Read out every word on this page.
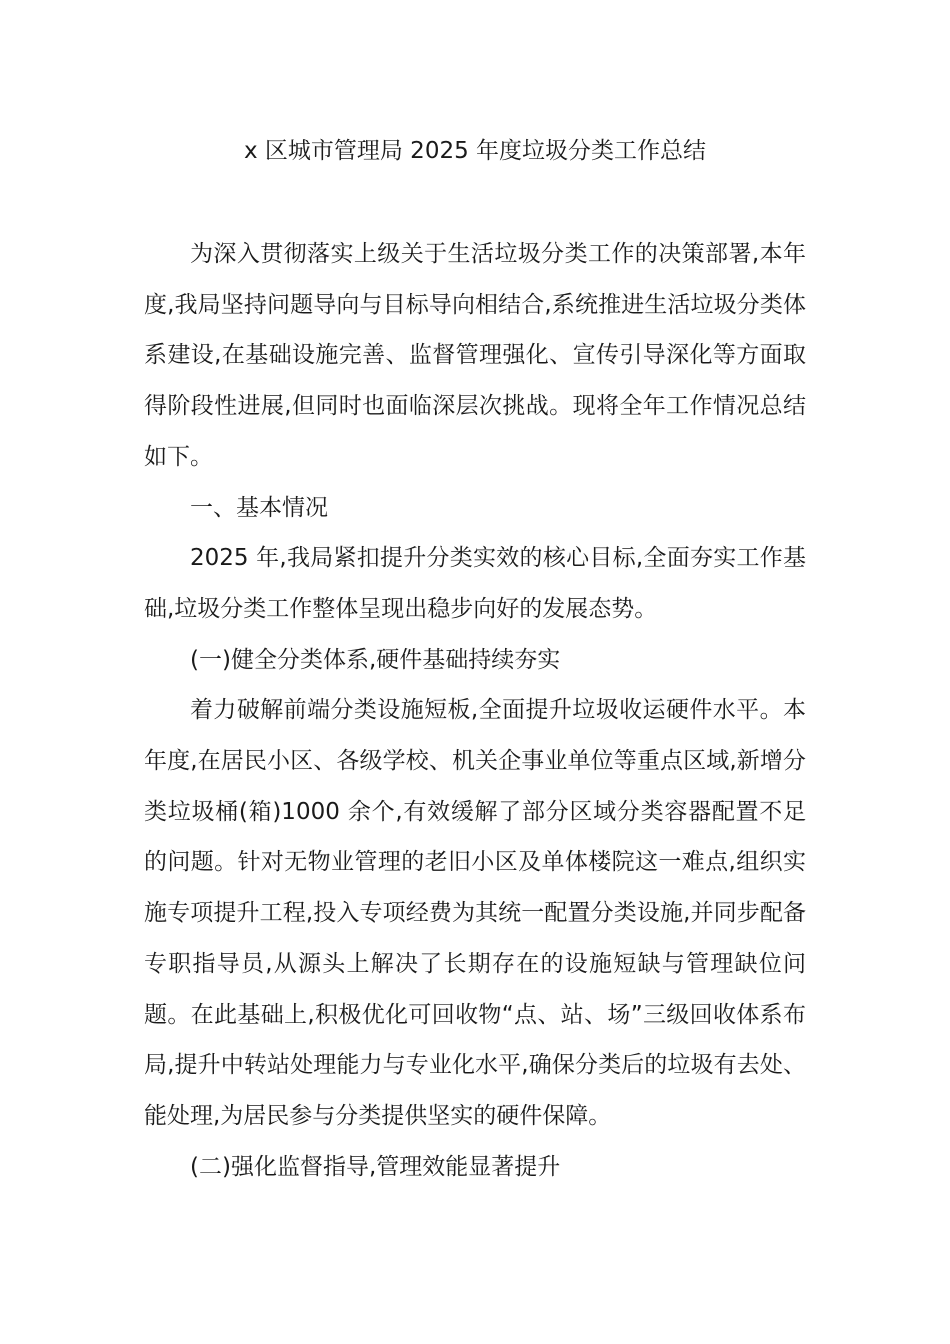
x 区城市管理局 2025 年度垃圾分类工作总结

为深入贯彻落实上级关于生活垃圾分类工作的决策部署,本年度,我局坚持问题导向与目标导向相结合,系统推进生活垃圾分类体系建设,在基础设施完善、监督管理强化、宣传引导深化等方面取得阶段性进展,但同时也面临深层次挑战。现将全年工作情况总结如下。

一、基本情况

2025 年,我局紧扣提升分类实效的核心目标,全面夯实工作基础,垃圾分类工作整体呈现出稳步向好的发展态势。

(一)健全分类体系,硬件基础持续夯实

着力破解前端分类设施短板,全面提升垃圾收运硬件水平。本年度,在居民小区、各级学校、机关企事业单位等重点区域,新增分类垃圾桶(箱)1000 余个,有效缓解了部分区域分类容器配置不足的问题。针对无物业管理的老旧小区及单体楼院这一难点,组织实施专项提升工程,投入专项经费为其统一配置分类设施,并同步配备专职指导员,从源头上解决了长期存在的设施短缺与管理缺位问题。在此基础上,积极优化可回收物“点、站、场”三级回收体系布局,提升中转站处理能力与专业化水平,确保分类后的垃圾有去处、能处理,为居民参与分类提供坚实的硬件保障。

(二)强化监督指导,管理效能显著提升
